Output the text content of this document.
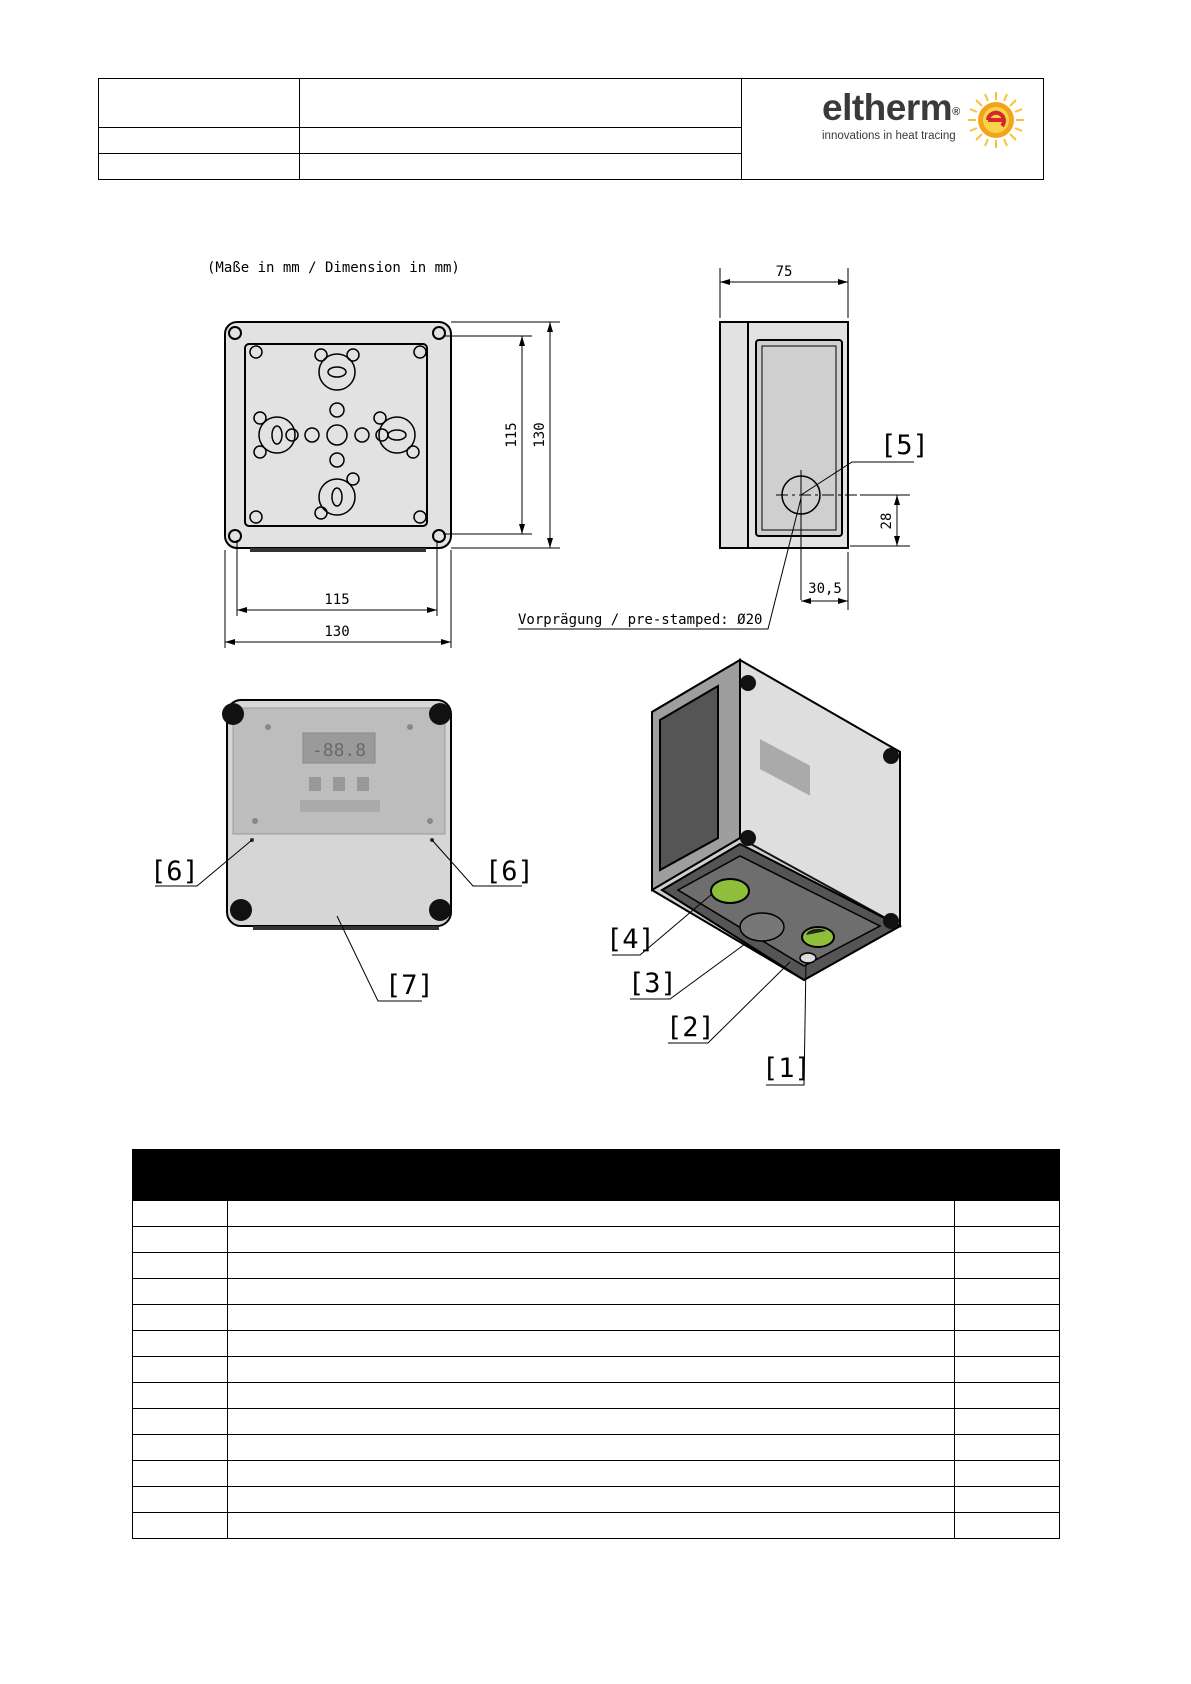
eltherm®
innovations in heat tracing
(Maße in mm / Dimension in mm)
115
130
115 130
75
28
30,5
Vorprägung / pre-stamped: Ø20
[5]
-88.8
[6]	[6]
[7]
[4]
[3]
[2]
[1]
